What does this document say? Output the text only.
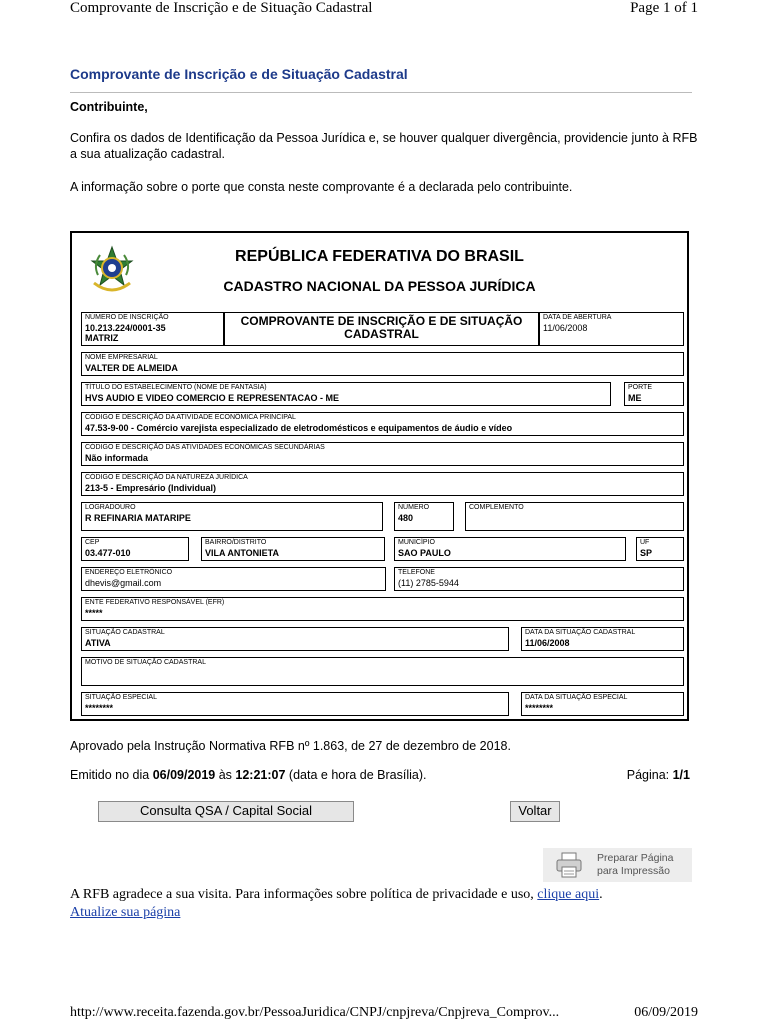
Comprovante de Inscrição e de Situação Cadastral	Page 1 of 1
Comprovante de Inscrição e de Situação Cadastral
Contribuinte,
Confira os dados de Identificação da Pessoa Jurídica e, se houver qualquer divergência, providencie junto à RFB a sua atualização cadastral.
A informação sobre o porte que consta neste comprovante é a declarada pelo contribuinte.
REPÚBLICA FEDERATIVA DO BRASIL
CADASTRO NACIONAL DA PESSOA JURÍDICA
NÚMERO DE INSCRIÇÃO
10.213.224/0001-35
MATRIZ
COMPROVANTE DE INSCRIÇÃO E DE SITUAÇÃO CADASTRAL
DATA DE ABERTURA
11/06/2008
NOME EMPRESARIAL
VALTER DE ALMEIDA
TÍTULO DO ESTABELECIMENTO (NOME DE FANTASIA)
HVS AUDIO E VIDEO COMERCIO E REPRESENTACAO - ME
PORTE
ME
CÓDIGO E DESCRIÇÃO DA ATIVIDADE ECONÔMICA PRINCIPAL
47.53-9-00 - Comércio varejista especializado de eletrodomésticos e equipamentos de áudio e vídeo
CÓDIGO E DESCRIÇÃO DAS ATIVIDADES ECONÔMICAS SECUNDÁRIAS
Não informada
CÓDIGO E DESCRIÇÃO DA NATUREZA JURÍDICA
213-5 - Empresário (Individual)
LOGRADOURO
R REFINARIA MATARIPE
NÚMERO
480
COMPLEMENTO
CEP
03.477-010
BAIRRO/DISTRITO
VILA ANTONIETA
MUNICÍPIO
SAO PAULO
UF
SP
ENDEREÇO ELETRÔNICO
dhevis@gmail.com
TELEFONE
(11) 2785-5944
ENTE FEDERATIVO RESPONSÁVEL (EFR)
*****
SITUAÇÃO CADASTRAL
ATIVA
DATA DA SITUAÇÃO CADASTRAL
11/06/2008
MOTIVO DE SITUAÇÃO CADASTRAL
SITUAÇÃO ESPECIAL
********
DATA DA SITUAÇÃO ESPECIAL
********
Aprovado pela Instrução Normativa RFB nº 1.863, de 27 de dezembro de 2018.
Emitido no dia 06/09/2019 às 12:21:07 (data e hora de Brasília).	Página: 1/1
Consulta QSA / Capital Social	Voltar
Preparar Página
para Impressão
A RFB agradece a sua visita. Para informações sobre política de privacidade e uso, clique aqui.
Atualize sua página
http://www.receita.fazenda.gov.br/PessoaJuridica/CNPJ/cnpjreva/Cnpjreva_Comprov...	06/09/2019
